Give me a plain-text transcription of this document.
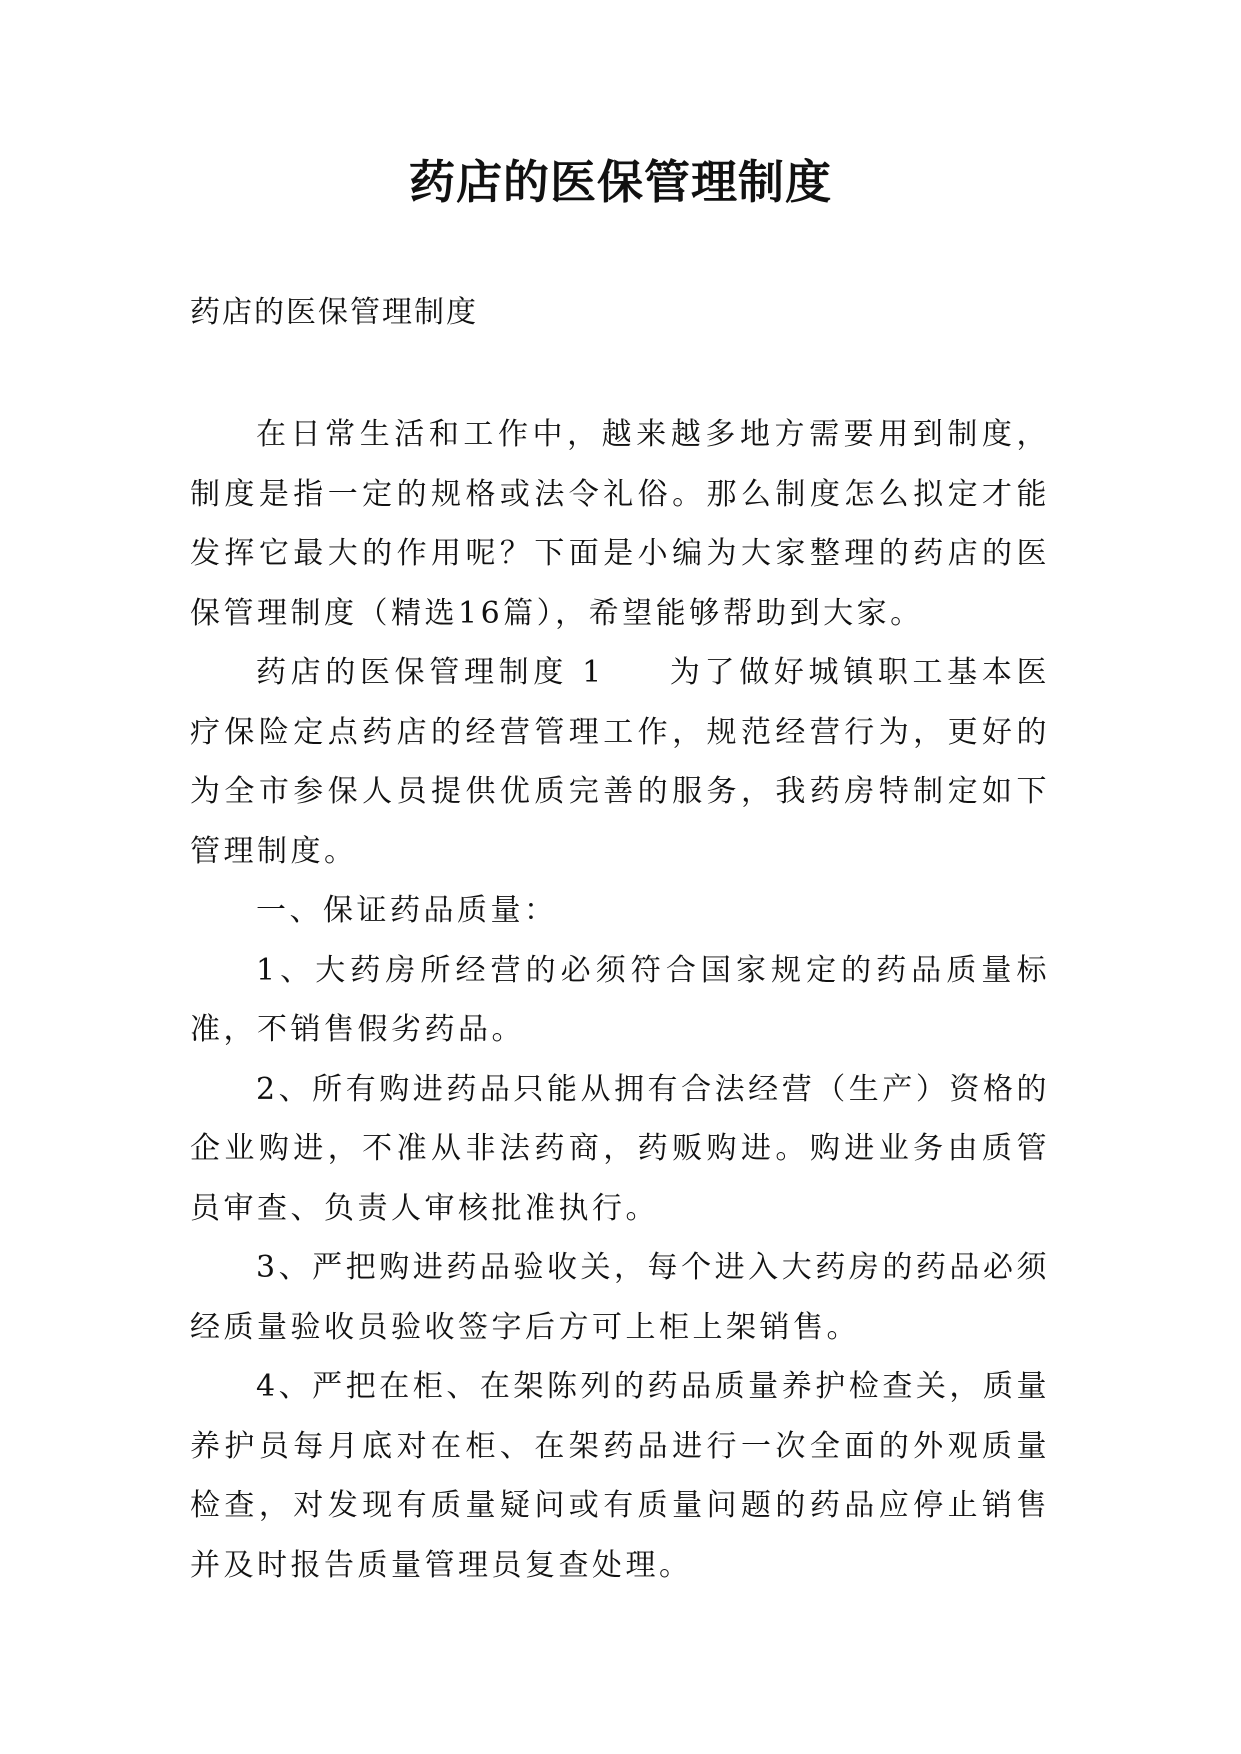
药店的医保管理制度
药店的医保管理制度

在日常生活和工作中，越来越多地方需要用到制度，制度是指一定的规格或法令礼俗。那么制度怎么拟定才能发挥它最大的作用呢？下面是小编为大家整理的药店的医保管理制度（精选16篇），希望能够帮助到大家。

药店的医保管理制度 1 为了做好城镇职工基本医疗保险定点药店的经营管理工作，规范经营行为，更好的为全市参保人员提供优质完善的服务，我药房特制定如下管理制度。

一、保证药品质量：

1、大药房所经营的必须符合国家规定的药品质量标准，不销售假劣药品。

2、所有购进药品只能从拥有合法经营（生产）资格的企业购进，不准从非法药商，药贩购进。购进业务由质管员审查、负责人审核批准执行。

3、严把购进药品验收关，每个进入大药房的药品必须经质量验收员验收签字后方可上柜上架销售。

4、严把在柜、在架陈列的药品质量养护检查关，质量养护员每月底对在柜、在架药品进行一次全面的外观质量检查，对发现有质量疑问或有质量问题的药品应停止销售并及时报告质量管理员复查处理。
